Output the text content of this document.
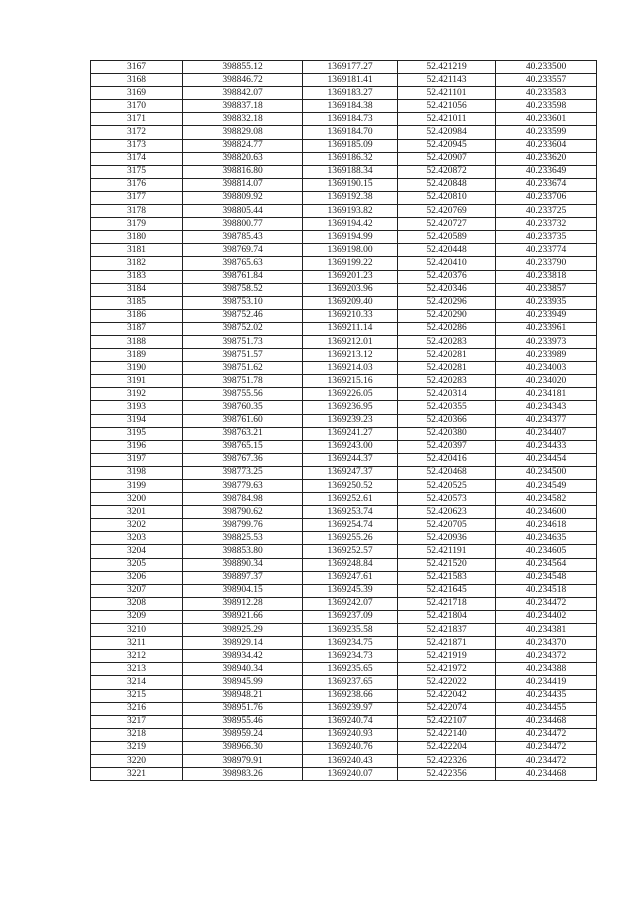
3167	398855.12	1369177.27	52.421219	40.233500
3168	398846.72	1369181.41	52.421143	40.233557
3169	398842.07	1369183.27	52.421101	40.233583
3170	398837.18	1369184.38	52.421056	40.233598
3171	398832.18	1369184.73	52.421011	40.233601
3172	398829.08	1369184.70	52.420984	40.233599
3173	398824.77	1369185.09	52.420945	40.233604
3174	398820.63	1369186.32	52.420907	40.233620
3175	398816.80	1369188.34	52.420872	40.233649
3176	398814.07	1369190.15	52.420848	40.233674
3177	398809.92	1369192.38	52.420810	40.233706
3178	398805.44	1369193.82	52.420769	40.233725
3179	398800.77	1369194.42	52.420727	40.233732
3180	398785.43	1369194.99	52.420589	40.233735
3181	398769.74	1369198.00	52.420448	40.233774
3182	398765.63	1369199.22	52.420410	40.233790
3183	398761.84	1369201.23	52.420376	40.233818
3184	398758.52	1369203.96	52.420346	40.233857
3185	398753.10	1369209.40	52.420296	40.233935
3186	398752.46	1369210.33	52.420290	40.233949
3187	398752.02	1369211.14	52.420286	40.233961
3188	398751.73	1369212.01	52.420283	40.233973
3189	398751.57	1369213.12	52.420281	40.233989
3190	398751.62	1369214.03	52.420281	40.234003
3191	398751.78	1369215.16	52.420283	40.234020
3192	398755.56	1369226.05	52.420314	40.234181
3193	398760.35	1369236.95	52.420355	40.234343
3194	398761.60	1369239.23	52.420366	40.234377
3195	398763.21	1369241.27	52.420380	40.234407
3196	398765.15	1369243.00	52.420397	40.234433
3197	398767.36	1369244.37	52.420416	40.234454
3198	398773.25	1369247.37	52.420468	40.234500
3199	398779.63	1369250.52	52.420525	40.234549
3200	398784.98	1369252.61	52.420573	40.234582
3201	398790.62	1369253.74	52.420623	40.234600
3202	398799.76	1369254.74	52.420705	40.234618
3203	398825.53	1369255.26	52.420936	40.234635
3204	398853.80	1369252.57	52.421191	40.234605
3205	398890.34	1369248.84	52.421520	40.234564
3206	398897.37	1369247.61	52.421583	40.234548
3207	398904.15	1369245.39	52.421645	40.234518
3208	398912.28	1369242.07	52.421718	40.234472
3209	398921.66	1369237.09	52.421804	40.234402
3210	398925.29	1369235.58	52.421837	40.234381
3211	398929.14	1369234.75	52.421871	40.234370
3212	398934.42	1369234.73	52.421919	40.234372
3213	398940.34	1369235.65	52.421972	40.234388
3214	398945.99	1369237.65	52.422022	40.234419
3215	398948.21	1369238.66	52.422042	40.234435
3216	398951.76	1369239.97	52.422074	40.234455
3217	398955.46	1369240.74	52.422107	40.234468
3218	398959.24	1369240.93	52.422140	40.234472
3219	398966.30	1369240.76	52.422204	40.234472
3220	398979.91	1369240.43	52.422326	40.234472
3221	398983.26	1369240.07	52.422356	40.234468
